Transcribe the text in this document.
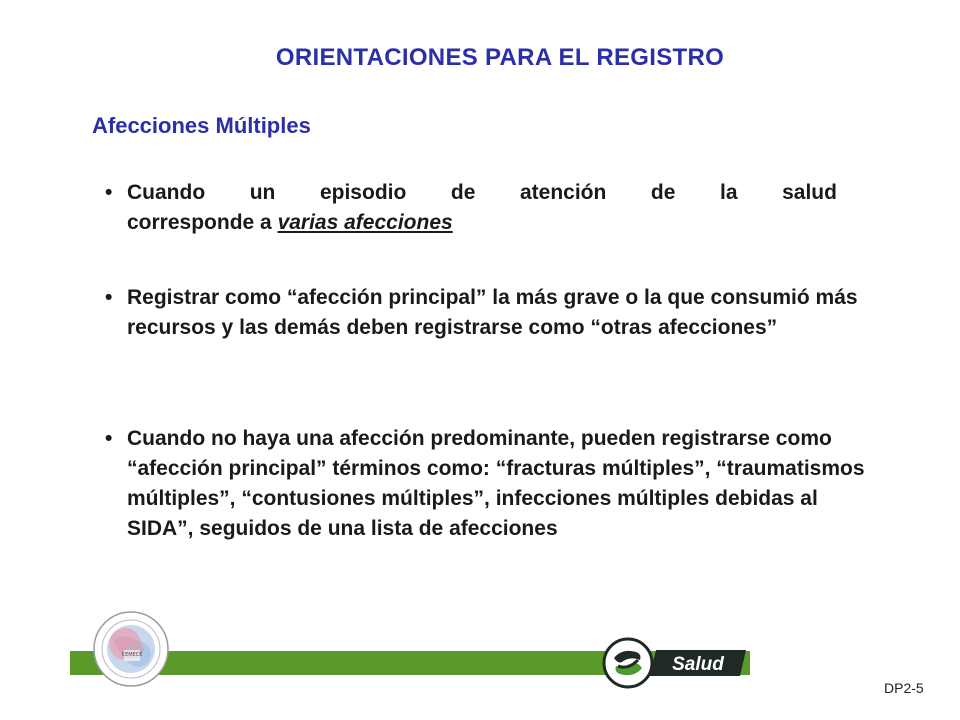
ORIENTACIONES PARA EL REGISTRO
Afecciones Múltiples
• Cuando un episodio de atención de la salud
corresponde a varias afecciones
• Registrar como “afección principal” la más grave o la que consumió más recursos y las demás deben registrarse como “otras afecciones”
• Cuando no haya una afección predominante, pueden registrarse como “afección principal” términos como: “fracturas múltiples”, “traumatismos múltiples”, “contusiones múltiples”, infecciones múltiples debidas al SIDA”, seguidos de una lista de afecciones
CEMECE	Salud
DP2-5
